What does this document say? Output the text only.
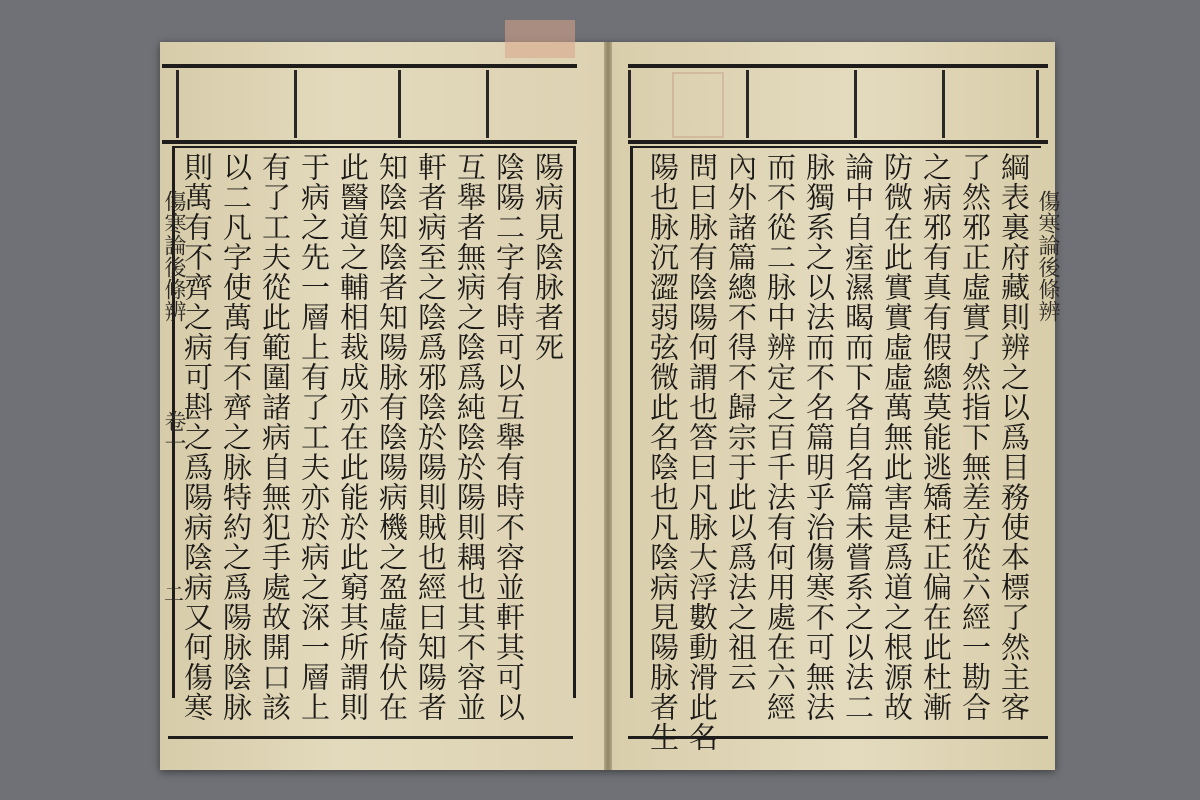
傷寒論後條辨
卷一
二
傷寒論後條辨
陽病見陰脉者死
陰陽二字有時可以互舉有時不容並軒其可以
互舉者無病之陰爲純陰於陽則耦也其不容並
軒者病至之陰爲邪陰於陽則賊也經曰知陽者
知陰知陰者知陽脉有陰陽病機之盈虛倚伏在
此醫道之輔相裁成亦在此能於此窮其所謂則
于病之先一層上有了工夫亦於病之深一層上
有了工夫從此範圍諸病自無犯手處故開口該
以二凡字使萬有不齊之脉特約之爲陽脉陰脉
則萬有不齊之病可斟之爲陽病陰病又何傷寒	綱表裏府藏則辨之以爲目務使本標了然主客
了然邪正虛實了然指下無差方從六經一勘合
之病邪有真有假總莫能逃矯枉正偏在此杜漸
防微在此實實虛虛萬無此害是爲道之根源故
論中自痓濕暍而下各自名篇未嘗系之以法二
脉獨系之以法而不名篇明乎治傷寒不可無法
而不從二脉中辨定之百千法有何用處在六經
內外諸篇總不得不歸宗于此以爲法之祖云
問曰脉有陰陽何謂也答曰凡脉大浮數動滑此名
陽也脉沉澀弱弦微此名陰也凡陰病見陽脉者生
